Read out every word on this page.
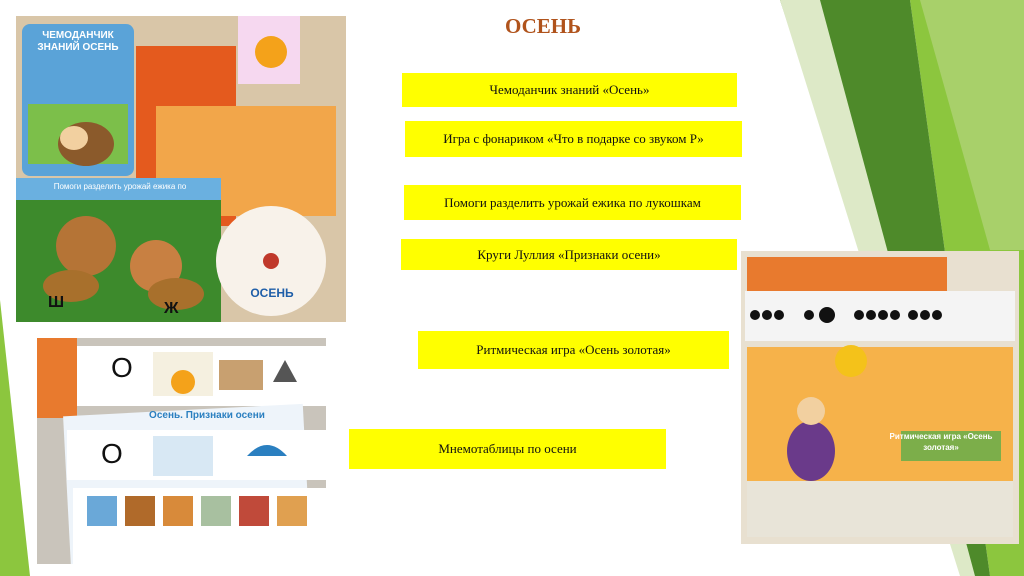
ОСЕНЬ
Чемоданчик знаний «Осень»
Игра с фонариком «Что в подарке со звуком Р»
Помоги разделить урожай ежика по лукошкам
Круги Луллия «Признаки осени»
Ритмическая игра «Осень золотая»
Мнемотаблицы по осени
ЧЕМОДАНЧИК ЗНАНИЙ ОСЕНЬ
Помоги разделить урожай ежика по
Ш	Ж
ОСЕНЬ
О
Осень. Признаки осени
О
Ритмическая игра «Осень золотая»
